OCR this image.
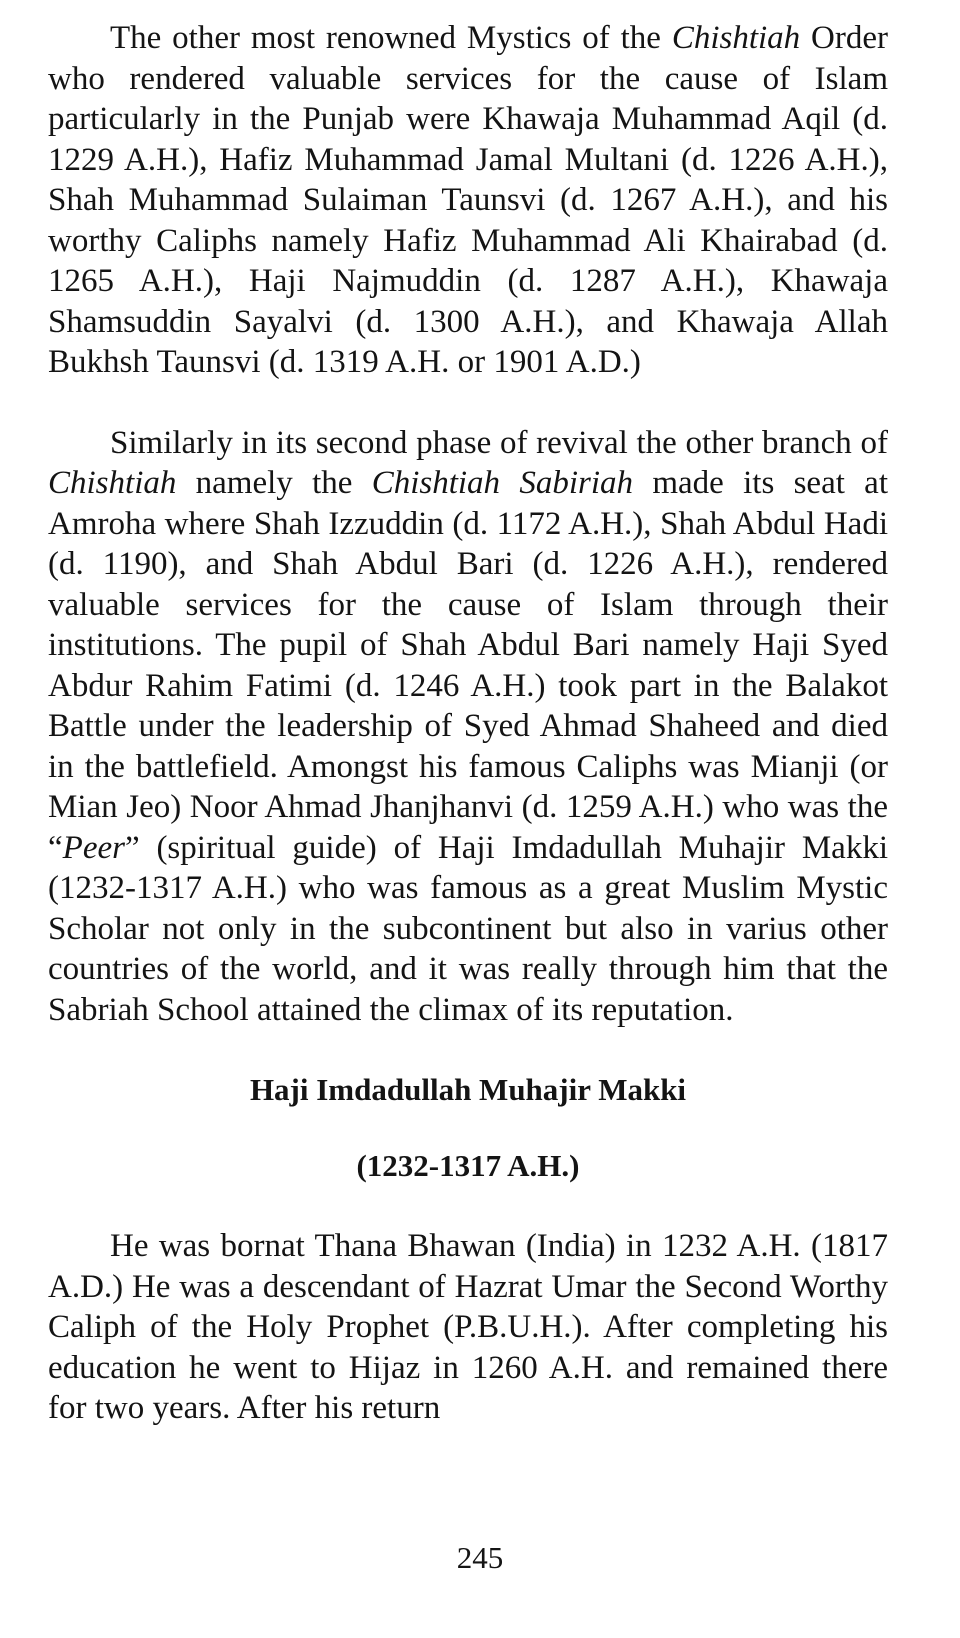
The other most renowned Mystics of the Chishtiah Order who rendered valuable services for the cause of Islam particularly in the Punjab were Khawaja Muhammad Aqil (d. 1229 A.H.), Hafiz Muhammad Jamal Multani (d. 1226 A.H.), Shah Muhammad Sulaiman Taunsvi (d. 1267 A.H.), and his worthy Caliphs namely Hafiz Muhammad Ali Khairabad (d. 1265 A.H.), Haji Najmuddin (d. 1287 A.H.), Khawaja Shamsuddin Sayalvi (d. 1300 A.H.), and Khawaja Allah Bukhsh Taunsvi (d. 1319 A.H. or 1901 A.D.)

Similarly in its second phase of revival the other branch of Chishtiah namely the Chishtiah Sabiriah made its seat at Amroha where Shah Izzuddin (d. 1172 A.H.), Shah Abdul Hadi (d. 1190), and Shah Abdul Bari (d. 1226 A.H.), rendered valuable services for the cause of Islam through their institutions. The pupil of Shah Abdul Bari namely Haji Syed Abdur Rahim Fatimi (d. 1246 A.H.) took part in the Balakot Battle under the leadership of Syed Ahmad Shaheed and died in the battlefield. Amongst his famous Caliphs was Mianji (or Mian Jeo) Noor Ahmad Jhanjhanvi (d. 1259 A.H.) who was the “Peer” (spiritual guide) of Haji Imdadullah Muhajir Makki (1232-1317 A.H.) who was famous as a great Muslim Mystic Scholar not only in the subcontinent but also in varius other countries of the world, and it was really through him that the Sabriah School attained the climax of its reputation.

Haji Imdadullah Muhajir Makki
(1232-1317 A.H.)

He was bornat Thana Bhawan (India) in 1232 A.H. (1817 A.D.) He was a descendant of Hazrat Umar the Second Worthy Caliph of the Holy Prophet (P.B.U.H.). After completing his education he went to Hijaz in 1260 A.H. and remained there for two years. After his return

245
